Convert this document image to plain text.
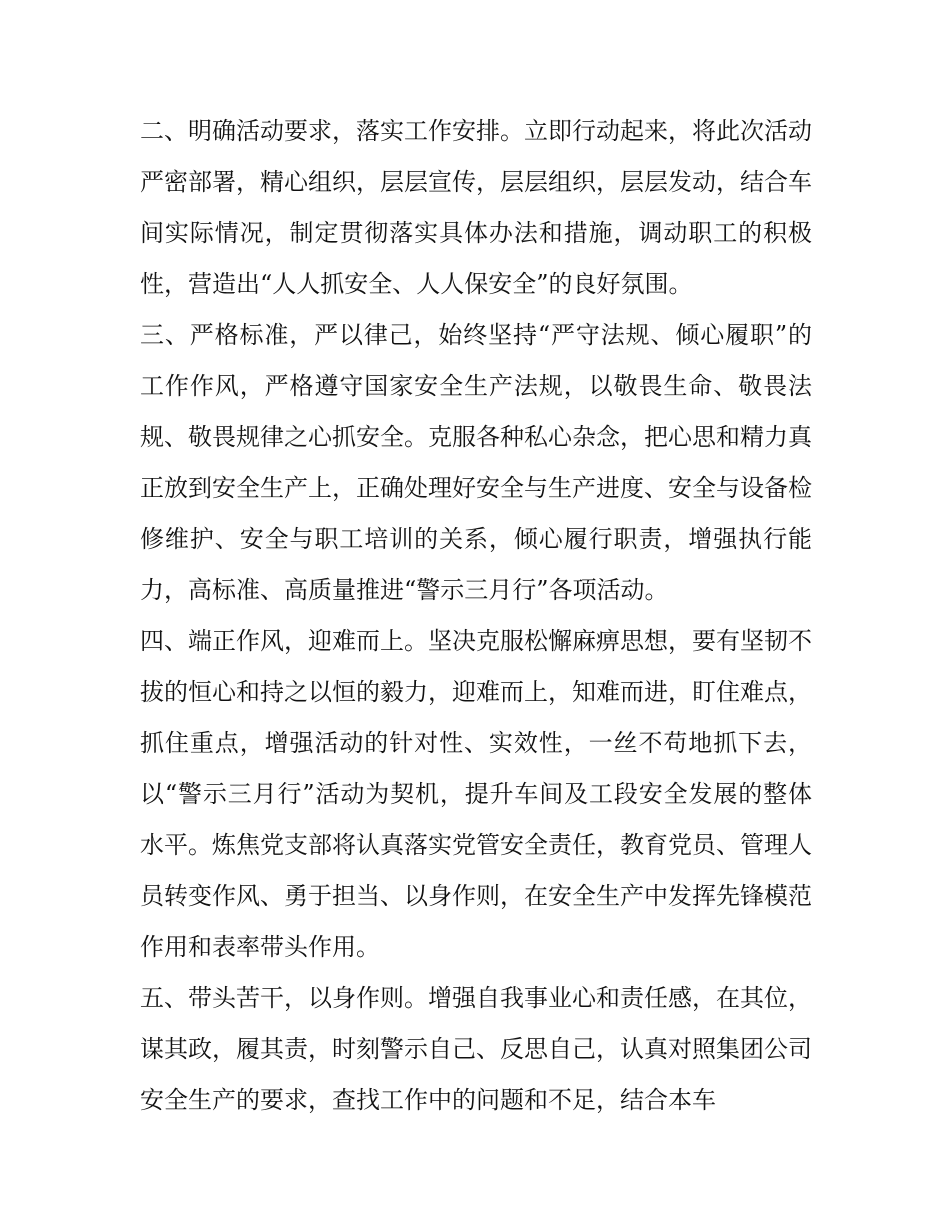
二、明确活动要求，落实工作安排。立即行动起来，将此次活动严密部署，精心组织，层层宣传，层层组织，层层发动，结合车间实际情况，制定贯彻落实具体办法和措施，调动职工的积极性，营造出“人人抓安全、人人保安全”的良好氛围。

三、严格标准，严以律己，始终坚持“严守法规、倾心履职”的工作作风，严格遵守国家安全生产法规，以敬畏生命、敬畏法规、敬畏规律之心抓安全。克服各种私心杂念，把心思和精力真正放到安全生产上，正确处理好安全与生产进度、安全与设备检修维护、安全与职工培训的关系，倾心履行职责，增强执行能力，高标准、高质量推进“警示三月行”各项活动。

四、端正作风，迎难而上。坚决克服松懈麻痹思想，要有坚韧不拔的恒心和持之以恒的毅力，迎难而上，知难而进，盯住难点，抓住重点，增强活动的针对性、实效性，一丝不苟地抓下去，以“警示三月行”活动为契机，提升车间及工段安全发展的整体水平。炼焦党支部将认真落实党管安全责任，教育党员、管理人员转变作风、勇于担当、以身作则，在安全生产中发挥先锋模范作用和表率带头作用。

五、带头苦干，以身作则。增强自我事业心和责任感，在其位，谋其政，履其责，时刻警示自己、反思自己，认真对照集团公司安全生产的要求，查找工作中的问题和不足，结合本车
